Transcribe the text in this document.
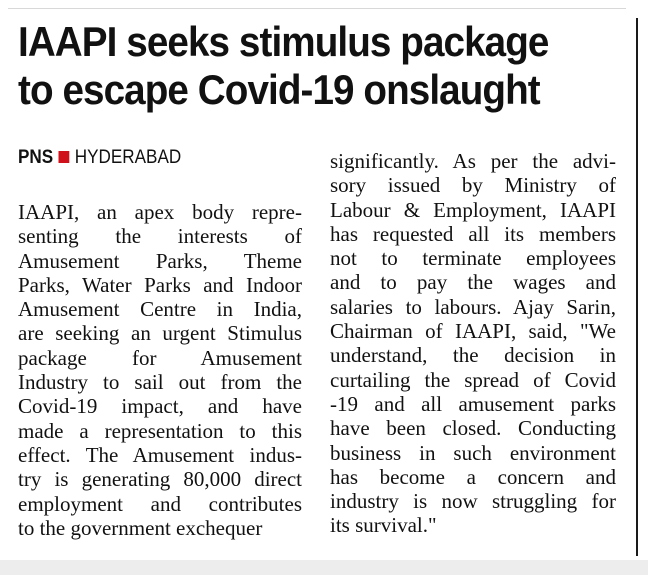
IAAPI seeks stimulus package
to escape Covid-19 onslaught
PNS HYDERABAD
IAAPI, an apex body repre-
senting the interests of
Amusement Parks, Theme
Parks, Water Parks and Indoor
Amusement Centre in India,
are seeking an urgent Stimulus
package for Amusement
Industry to sail out from the
Covid-19 impact, and have
made a representation to this
effect. The Amusement indus-
try is generating 80,000 direct
employment and contributes
to the government exchequer
significantly. As per the advi-
sory issued by Ministry of
Labour & Employment, IAAPI
has requested all its members
not to terminate employees
and to pay the wages and
salaries to labours. Ajay Sarin,
Chairman of IAAPI, said, "We
understand, the decision in
curtailing the spread of Covid
-19 and all amusement parks
have been closed. Conducting
business in such environment
has become a concern and
industry is now struggling for
its survival."
